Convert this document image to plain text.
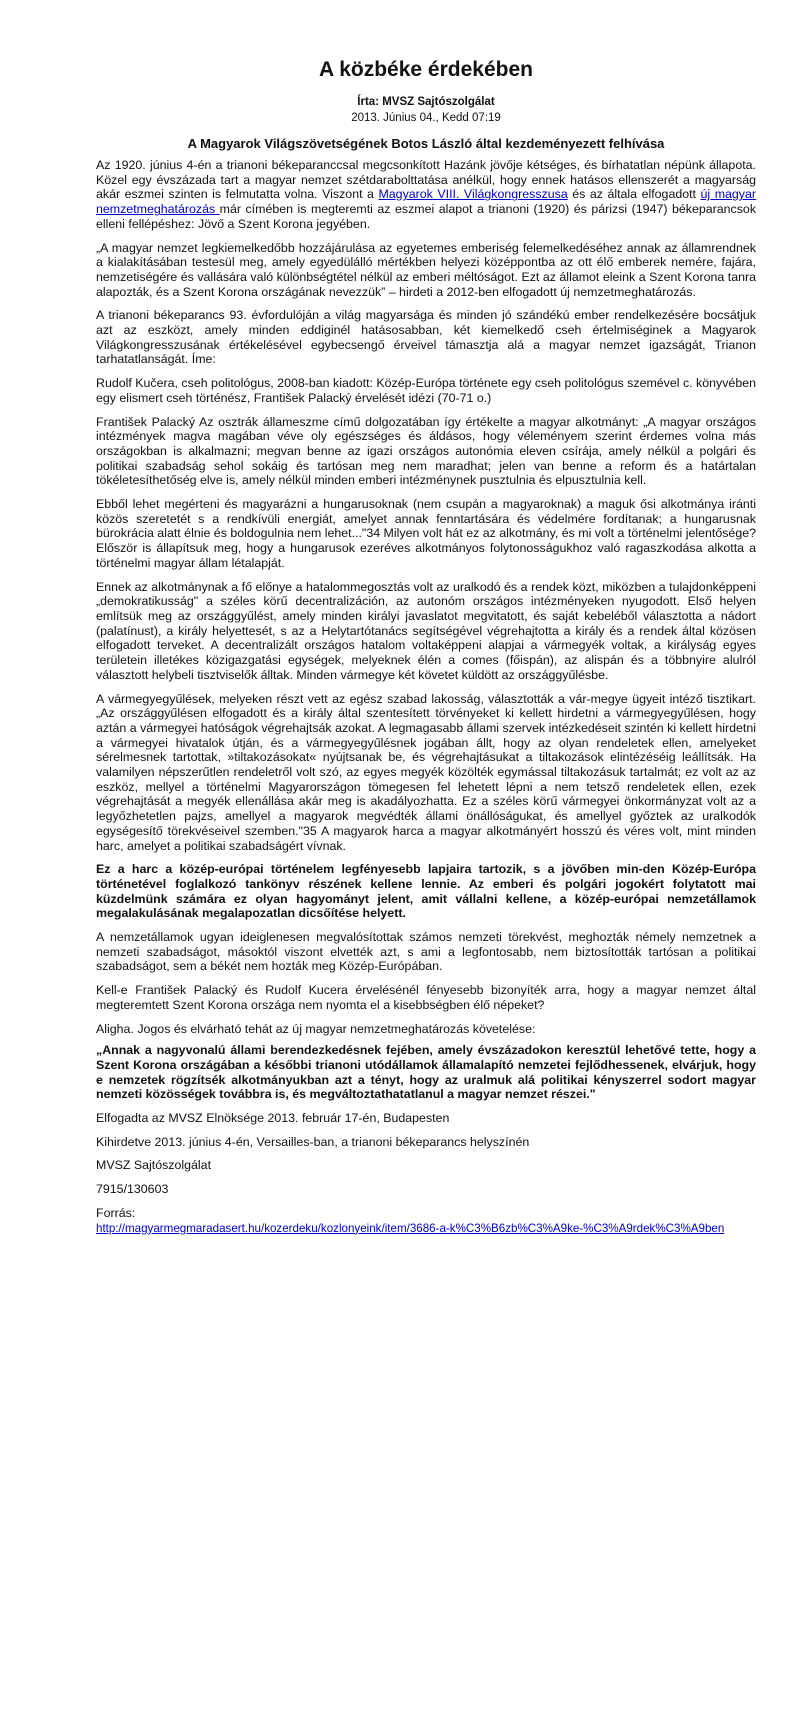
A közbéke érdekében
Írta: MVSZ Sajtószolgálat
2013. Június 04., Kedd 07:19
A Magyarok Világszövetségének Botos László által kezdeményezett felhívása

Az 1920. június 4-én a trianoni békeparanccsal megcsonkított Hazánk jövője kétséges, és bírhatatlan népünk állapota. Közel egy évszázada tart a magyar nemzet szétdarabolttatása anélkül, hogy ennek hatásos ellenszerét a magyarság akár eszmei szinten is felmutatta volna. Viszont a Magyarok VIII. Világkongresszusa és az általa elfogadott új magyar nemzetmeghatározás már címében is megteremti az eszmei alapot a trianoni (1920) és párizsi (1947) békeparancsok elleni fellépéshez: Jövő a Szent Korona jegyében.

„A magyar nemzet legkiemelkedőbb hozzájárulása az egyetemes emberiség felemelkedéséhez annak az államrendnek a kialakításában testesül meg, amely egyedülálló mértékben helyezi középpontba az ott élő emberek nemére, fajára, nemzetiségére és vallására való különbségtétel nélkül az emberi méltóságot. Ezt az államot eleink a Szent Korona tanra alapozták, és a Szent Korona országának nevezzük” – hirdeti a 2012-ben elfogadott új nemzetmeghatározás.

A trianoni békeparancs 93. évfordulóján a világ magyarsága és minden jó szándékú ember rendelkezésére bocsátjuk azt az eszközt, amely minden eddiginél hatásosabban, két kiemelkedő cseh értelmiséginek a Magyarok Világkongresszusának értékelésével egybecsengő érveivel támasztja alá a magyar nemzet igazságát, Trianon tarhatatlanságát. Íme:

Rudolf Kučera, cseh politológus, 2008-ban kiadott: Közép-Európa története egy cseh politológus szemével c. könyvében egy elismert cseh történész, František Palacký érvelését idézi (70-71 o.)

František Palacký Az osztrák állameszme című dolgozatában így értékelte a magyar alkotmányt: „A magyar országos intézmények magva magában véve oly egészséges és áldásos, hogy véleményem szerint érdemes volna más országokban is alkalmazni; megvan benne az igazi országos autonómia eleven csírája, amely nélkül a polgári és politikai szabadság sehol sokáig és tartósan meg nem maradhat; jelen van benne a reform és a határtalan tökéletesíthetőség elve is, amely nélkül minden emberi intézménynek pusztulnia és elpusztulnia kell.

Ebből lehet megérteni és magyarázni a hungarusoknak (nem csupán a magyaroknak) a maguk ősi alkotmánya iránti közös szeretetét s a rendkívüli energiát, amelyet annak fenntartására és védelmére fordítanak; a hungarusnak bürokrácia alatt élnie és boldogulnia nem lehet..."34 Milyen volt hát ez az alkotmány, és mi volt a történelmi jelentősége? Először is állapítsuk meg, hogy a hungarusok ezeréves alkotmányos folytonosságukhoz való ragaszkodása alkotta a történelmi magyar állam létalapját.

Ennek az alkotmánynak a fő előnye a hatalommegosztás volt az uralkodó és a rendek közt, miközben a tulajdonképpeni „demokratikusság" a széles körű decentralizáción, az autonóm országos intézményeken nyugodott. Első helyen említsük meg az országgyűlést, amely minden királyi javaslatot megvitatott, és saját kebeléből választotta a nádort (palatínust), a király helyettesét, s az a Helytartótanács segítségével végrehajtotta a király és a rendek által közösen elfogadott terveket. A decentralizált országos hatalom voltaképpeni alapjai a vármegyék voltak, a királyság egyes területein illetékes közigazgatási egységek, melyeknek élén a comes (főispán), az alispán és a többnyire alulról választott helybeli tisztviselők álltak. Minden vármegye két követet küldött az országgyűlésbe.

A vármegyegyűlések, melyeken részt vett az egész szabad lakosság, választották a vár-megye ügyeit intéző tisztikart. „Az országgyűlésen elfogadott és a király által szentesített törvényeket ki kellett hirdetni a vármegyegyűlésen, hogy aztán a vármegyei hatóságok végrehajtsák azokat. A legmagasabb állami szervek intézkedéseit szintén ki kellett hirdetni a vármegyei hivatalok útján, és a vármegyegyűlésnek jogában állt, hogy az olyan rendeletek ellen, amelyeket sérelmesnek tartottak, »tiltakozásokat« nyújtsanak be, és végrehajtásukat a tiltakozások elintézéséig leállítsák. Ha valamilyen népszerűtlen rendeletről volt szó, az egyes megyék közölték egymással tiltakozásuk tartalmát; ez volt az az eszköz, mellyel a történelmi Magyarországon tömegesen fel lehetett lépni a nem tetsző rendeletek ellen, ezek végrehajtását a megyék ellenállása akár meg is akadályozhatta. Ez a széles körű vármegyei önkormányzat volt az a legyőzhetetlen pajzs, amellyel a magyarok megvédték állami önállóságukat, és amellyel győztek az uralkodók egységesítő törekvéseivel szemben."35 A magyarok harca a magyar alkotmányért hosszú és véres volt, mint minden harc, amelyet a politikai szabadságért vívnak.

Ez a harc a közép-európai történelem legfényesebb lapjaira tartozik, s a jövőben min-den Közép-Európa történetével foglalkozó tankönyv részének kellene lennie. Az emberi és polgári jogokért folytatott mai küzdelmünk számára ez olyan hagyományt jelent, amit vállalni kellene, a közép-európai nemzetállamok megalakulásának megalapozatlan dicsőítése helyett.

A nemzetállamok ugyan ideiglenesen megvalósítottak számos nemzeti törekvést, meghozták némely nemzetnek a nemzeti szabadságot, másoktól viszont elvették azt, s ami a legfontosabb, nem biztosították tartósan a politikai szabadságot, sem a békét nem hozták meg Közép-Európában.

Kell-e František Palacký és Rudolf Kucera érvelésénél fényesebb bizonyíték arra, hogy a magyar nemzet által megteremtett Szent Korona országa nem nyomta el a kisebbségben élő népeket?

Aligha. Jogos és elvárható tehát az új magyar nemzetmeghatározás követelése:

„Annak a nagyvonalú állami berendezkedésnek fejében, amely évszázadokon keresztül lehetővé tette, hogy a Szent Korona országában a későbbi trianoni utódállamok államalapító nemzetei fejlődhessenek, elvárjuk, hogy e nemzetek rögzítsék alkotmányukban azt a tényt, hogy az uralmuk alá politikai kényszerrel sodort magyar nemzeti közösségek továbbra is, és megváltoztathatatlanul a magyar nemzet részei."

Elfogadta az MVSZ Elnöksége 2013. február 17-én, Budapesten

Kihirdetve 2013. június 4-én, Versailles-ban, a trianoni békeparancs helyszínén

MVSZ Sajtószolgálat

7915/130603

Forrás:
http://magyarmegmaradasert.hu/kozerdeku/kozlonyeink/item/3686-a-k%C3%B6zb%C3%A9ke-%C3%A9rdek%C3%A9ben
